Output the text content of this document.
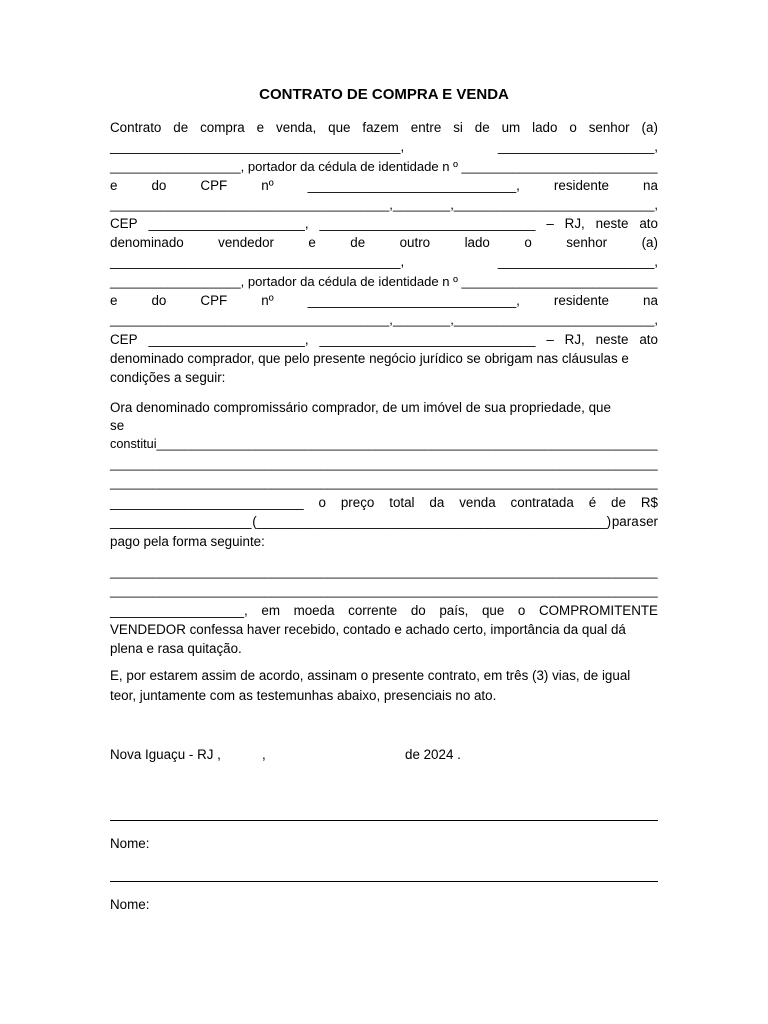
CONTRATO DE COMPRA E VENDA
Contrato de compra e venda, que fazem entre si de um lado o senhor (a)
_______________________________________,	_____________________,
__________________, portador da cédula de identidade n º ___________________________
e	do	CPF	nº	____________________________,	residente	na
_______________________________________, ________, ____________________________,
CEP _____________________, _____________________________ – RJ, neste ato
denominado	vendedor	e	de	outro	lado	o	senhor	(a)
_______________________________________,	_____________________,
__________________, portador da cédula de identidade n º ___________________________
e	do	CPF	nº	____________________________,	residente	na
_______________________________________, ________, ____________________________,
CEP _____________________, _____________________________ – RJ, neste ato
denominado comprador, que pelo presente negócio jurídico se obrigam nas cláusulas e
condições a seguir:
Ora denominado compromissário comprador, de um imóvel de sua propriedade, que
se
constitui_______________________________________________________________________
______________________________________________________________________________
______________________________________________________________________________
__________________________ o preço total da venda contratada é de R$
___________________ (_______________________________________________) para ser
pago pela forma seguinte:
______________________________________________________________________________
______________________________________________________________________________
__________________, em moeda corrente do país, que o COMPROMITENTE
VENDEDOR confessa haver recebido, contado e achado certo, importância da qual dá
plena e rasa quitação.
E, por estarem assim de acordo, assinam o presente contrato, em três (3) vias, de igual
teor, juntamente com as testemunhas abaixo, presenciais no ato.
Nova Iguaçu - RJ ,	,	de 2024 .
Nome:
Nome:
